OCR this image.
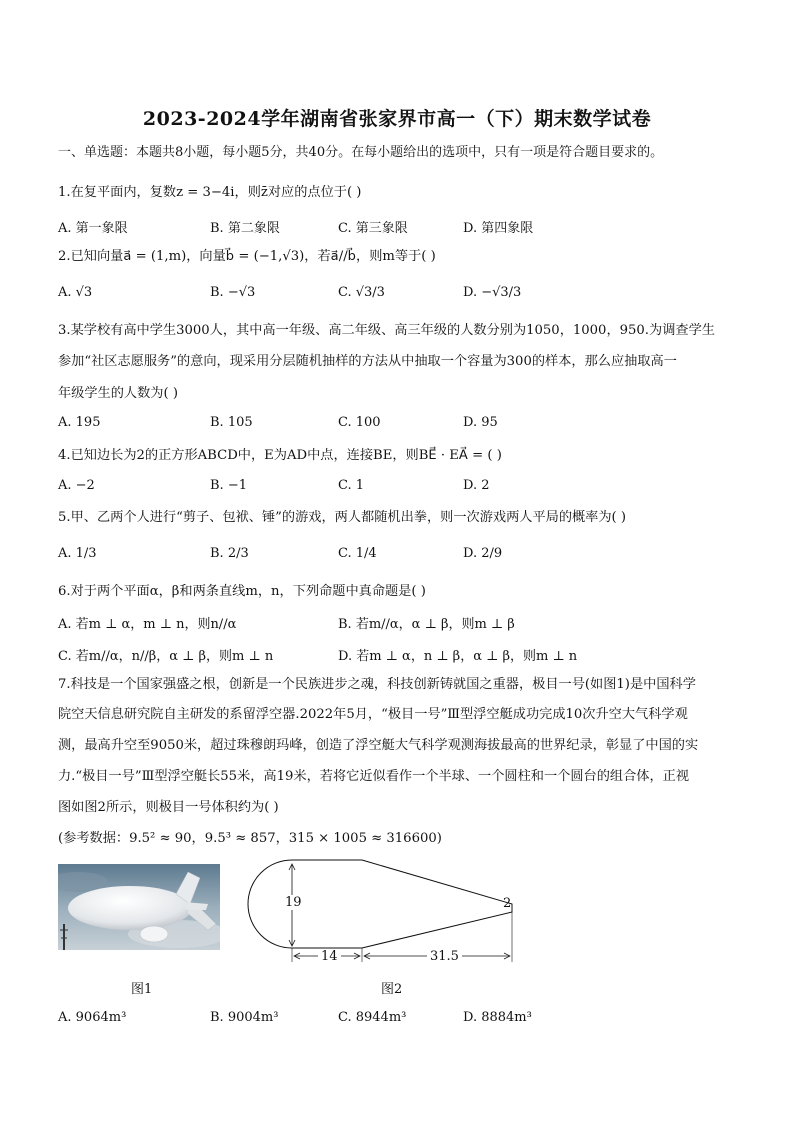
2023-2024学年湖南省张家界市高一（下）期末数学试卷
一、单选题：本题共8小题，每小题5分，共40分。在每小题给出的选项中，只有一项是符合题目要求的。
1.在复平面内，复数z = 3−4i，则z̄对应的点位于( )
A. 第一象限	B. 第二象限	C. 第三象限	D. 第四象限
2.已知向量a⃗ = (1,m)，向量b⃗ = (−1,√3)，若a⃗//b⃗，则m等于( )
A. √3	B. −√3	C. √3/3	D. −√3/3
3.某学校有高中学生3000人，其中高一年级、高二年级、高三年级的人数分别为1050，1000，950.为调查学生
参加“社区志愿服务”的意向，现采用分层随机抽样的方法从中抽取一个容量为300的样本，那么应抽取高一
年级学生的人数为( )
A. 195	B. 105	C. 100	D. 95
4.已知边长为2的正方形ABCD中，E为AD中点，连接BE，则BE⃗ · EA⃗ = ( )
A. −2	B. −1	C. 1	D. 2
5.甲、乙两个人进行“剪子、包袱、锤”的游戏，两人都随机出拳，则一次游戏两人平局的概率为( )
A. 1/3	B. 2/3	C. 1/4	D. 2/9
6.对于两个平面α，β和两条直线m，n，下列命题中真命题是( )
A. 若m ⊥ α，m ⊥ n，则n//α	B. 若m//α，α ⊥ β，则m ⊥ β
C. 若m//α，n//β，α ⊥ β，则m ⊥ n	D. 若m ⊥ α，n ⊥ β，α ⊥ β，则m ⊥ n
7.科技是一个国家强盛之根，创新是一个民族进步之魂，科技创新铸就国之重器，极目一号(如图1)是中国科学
院空天信息研究院自主研发的系留浮空器.2022年5月，“极目一号”Ⅲ型浮空艇成功完成10次升空大气科学观
测，最高升空至9050米，超过珠穆朗玛峰，创造了浮空艇大气科学观测海拔最高的世界纪录，彰显了中国的实
力.“极目一号”Ⅲ型浮空艇长55米，高19米，若将它近似看作一个半球、一个圆柱和一个圆台的组合体，正视
图如图2所示，则极目一号体积约为( )
(参考数据：9.5² ≈ 90，9.5³ ≈ 857，315 × 1005 ≈ 316600)
图1
19
14	31.5
2
图2
A. 9064m³	B. 9004m³	C. 8944m³	D. 8884m³
